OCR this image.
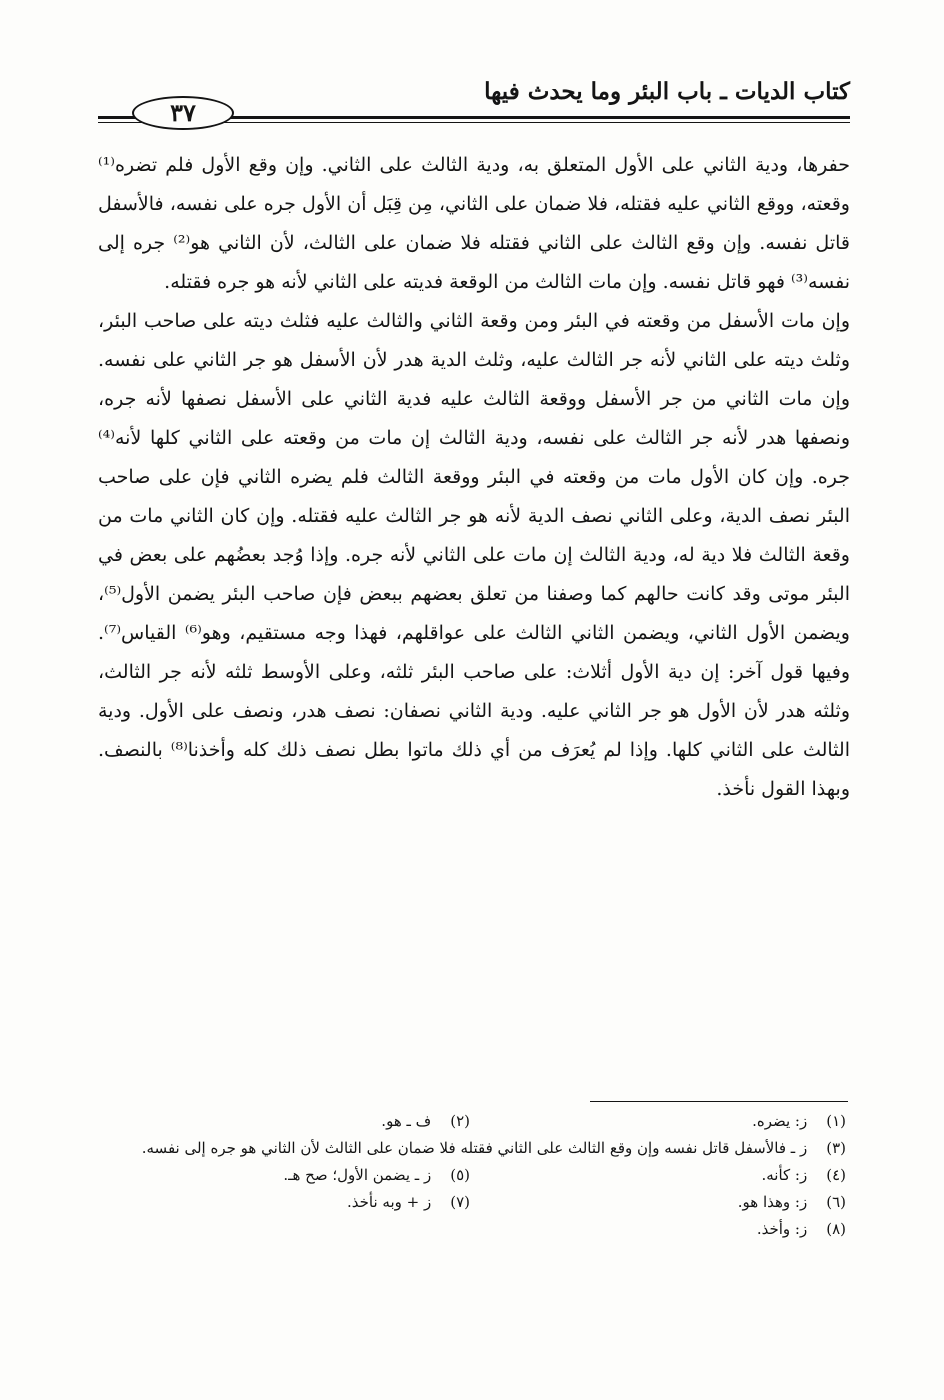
كتاب الديات ـ باب البئر وما يحدث فيها
٣٧

حفرها، ودية الثاني على الأول المتعلق به، ودية الثالث على الثاني. وإن وقع الأول فلم تضره⁽¹⁾ وقعته، ووقع الثاني عليه فقتله، فلا ضمان على الثاني، مِن قِبَل أن الأول جره على نفسه، فالأسفل قاتل نفسه. وإن وقع الثالث على الثاني فقتله فلا ضمان على الثالث، لأن الثاني هو⁽²⁾ جره إلى نفسه⁽³⁾ فهو قاتل نفسه. وإن مات الثالث من الوقعة فديته على الثاني لأنه هو جره فقتله.

وإن مات الأسفل من وقعته في البئر ومن وقعة الثاني والثالث عليه فثلث ديته على صاحب البئر، وثلث ديته على الثاني لأنه جر الثالث عليه، وثلث الدية هدر لأن الأسفل هو جر الثاني على نفسه. وإن مات الثاني من جر الأسفل ووقعة الثالث عليه فدية الثاني على الأسفل نصفها لأنه جره، ونصفها هدر لأنه جر الثالث على نفسه، ودية الثالث إن مات من وقعته على الثاني كلها لأنه⁽⁴⁾ جره. وإن كان الأول مات من وقعته في البئر ووقعة الثالث فلم يضره الثاني فإن على صاحب البئر نصف الدية، وعلى الثاني نصف الدية لأنه هو جر الثالث عليه فقتله. وإن كان الثاني مات من وقعة الثالث فلا دية له، ودية الثالث إن مات على الثاني لأنه جره. وإذا وُجد بعضُهم على بعض في البئر موتى وقد كانت حالهم كما وصفنا من تعلق بعضهم ببعض فإن صاحب البئر يضمن الأول⁽⁵⁾، ويضمن الأول الثاني، ويضمن الثاني الثالث على عواقلهم، فهذا وجه مستقيم، وهو⁽⁶⁾ القياس⁽⁷⁾. وفيها قول آخر: إن دية الأول أثلاث: على صاحب البئر ثلثه، وعلى الأوسط ثلثه لأنه جر الثالث، وثلثه هدر لأن الأول هو جر الثاني عليه. ودية الثاني نصفان: نصف هدر، ونصف على الأول. ودية الثالث على الثاني كلها. وإذا لم يُعرَف من أي ذلك ماتوا بطل نصف ذلك كله وأخذنا⁽⁸⁾ بالنصف. وبهذا القول نأخذ.

(١) ز: يضره.
(٢) ف ـ هو.
(٣) ز ـ فالأسفل قاتل نفسه وإن وقع الثالث على الثاني فقتله فلا ضمان على الثالث لأن الثاني هو جره إلى نفسه.
(٤) ز: كأنه.
(٥) ز ـ يضمن الأول؛ صح هـ.
(٦) ز: وهذا هو.
(٧) ز + وبه نأخذ.
(٨) ز: وأخذ.
